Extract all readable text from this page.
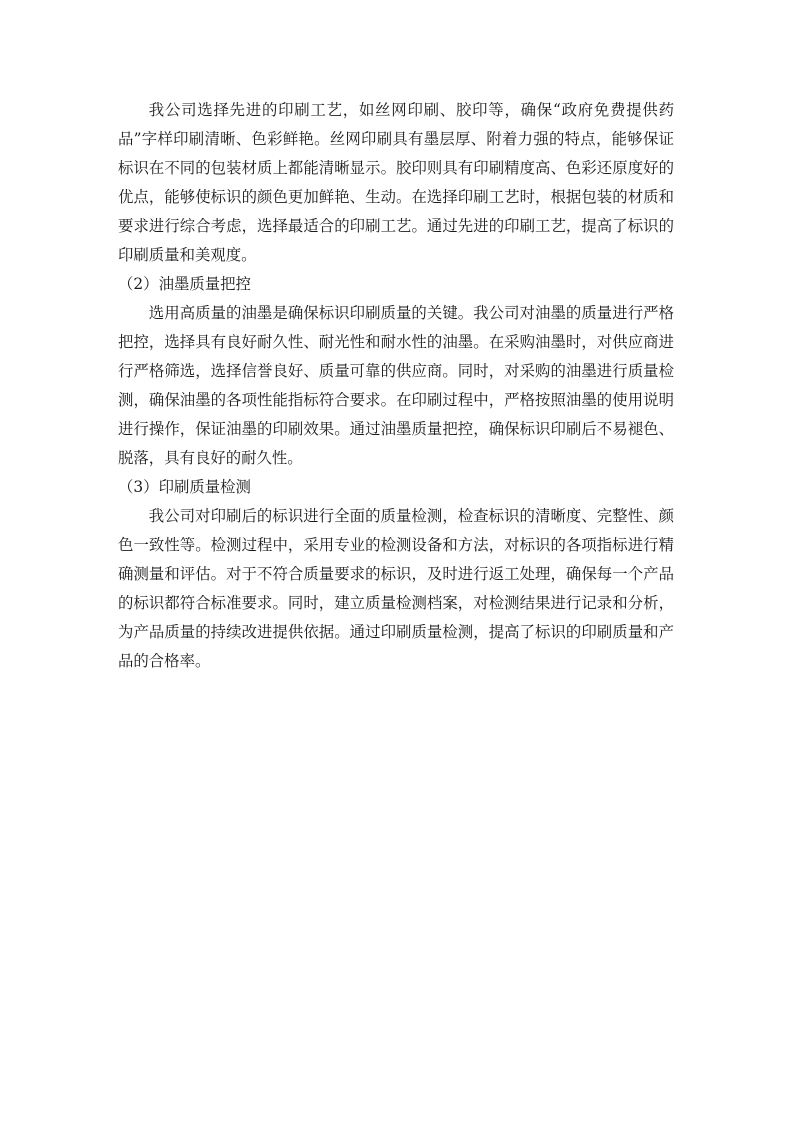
我公司选择先进的印刷工艺，如丝网印刷、胶印等，确保“政府免费提供药品”字样印刷清晰、色彩鲜艳。丝网印刷具有墨层厚、附着力强的特点，能够保证标识在不同的包装材质上都能清晰显示。胶印则具有印刷精度高、色彩还原度好的优点，能够使标识的颜色更加鲜艳、生动。在选择印刷工艺时，根据包装的材质和要求进行综合考虑，选择最适合的印刷工艺。通过先进的印刷工艺，提高了标识的印刷质量和美观度。

（2）油墨质量把控

选用高质量的油墨是确保标识印刷质量的关键。我公司对油墨的质量进行严格把控，选择具有良好耐久性、耐光性和耐水性的油墨。在采购油墨时，对供应商进行严格筛选，选择信誉良好、质量可靠的供应商。同时，对采购的油墨进行质量检测，确保油墨的各项性能指标符合要求。在印刷过程中，严格按照油墨的使用说明进行操作，保证油墨的印刷效果。通过油墨质量把控，确保标识印刷后不易褪色、脱落，具有良好的耐久性。

（3）印刷质量检测

我公司对印刷后的标识进行全面的质量检测，检查标识的清晰度、完整性、颜色一致性等。检测过程中，采用专业的检测设备和方法，对标识的各项指标进行精确测量和评估。对于不符合质量要求的标识，及时进行返工处理，确保每一个产品的标识都符合标准要求。同时，建立质量检测档案，对检测结果进行记录和分析，为产品质量的持续改进提供依据。通过印刷质量检测，提高了标识的印刷质量和产品的合格率。
